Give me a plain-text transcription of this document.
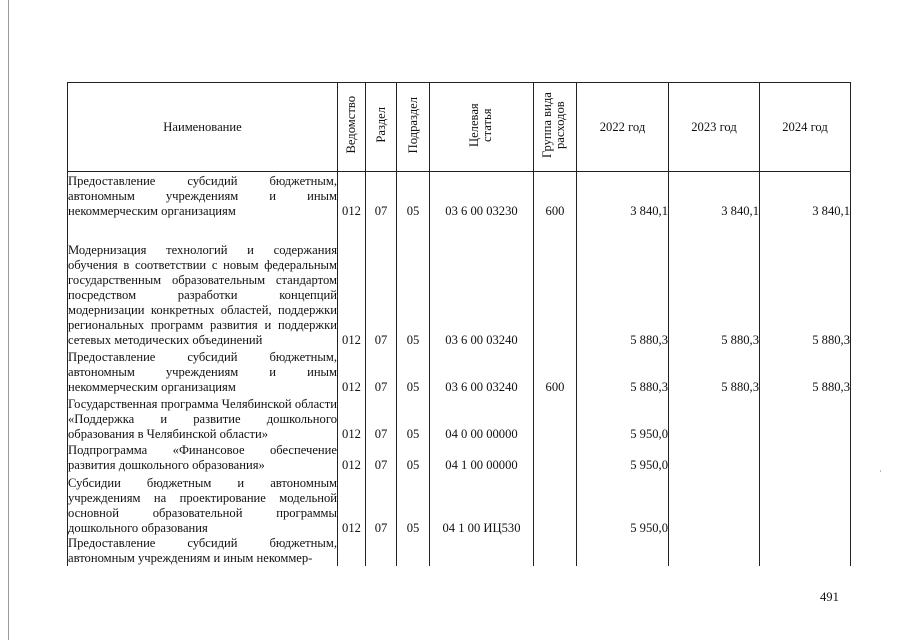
Наименование	Ведомство	Раздел	Подраздел	Целевая статья	Группа вида расходов	2022 год	2023 год	2024 год
Предоставление субсидий бюджетным, автономным учреждениям и иным некоммерческим организациям	012	07	05	03 6 00 03230	600	3 840,1	3 840,1	3 840,1
Модернизация технологий и содержания обучения в соответствии с новым федеральным государственным образовательным стандартом посредством разработки концепций модернизации конкретных областей, поддержки региональных программ развития и поддержки сетевых методических объединений	012	07	05	03 6 00 03240		5 880,3	5 880,3	5 880,3
Предоставление субсидий бюджетным, автономным учреждениям и иным некоммерческим организациям	012	07	05	03 6 00 03240	600	5 880,3	5 880,3	5 880,3
Государственная программа Челябинской области «Поддержка и развитие дошкольного образования в Челябинской области»	012	07	05	04 0 00 00000		5 950,0		
Подпрограмма «Финансовое обеспечение развития дошкольного образования»	012	07	05	04 1 00 00000		5 950,0		
Субсидии бюджетным и автономным учреждениям на проектирование модельной основной образовательной программы дошкольного образования	012	07	05	04 1 00 ИЦ530		5 950,0		
Предоставление субсидий бюджетным, автономным учреждениям и иным некоммер-								
491
